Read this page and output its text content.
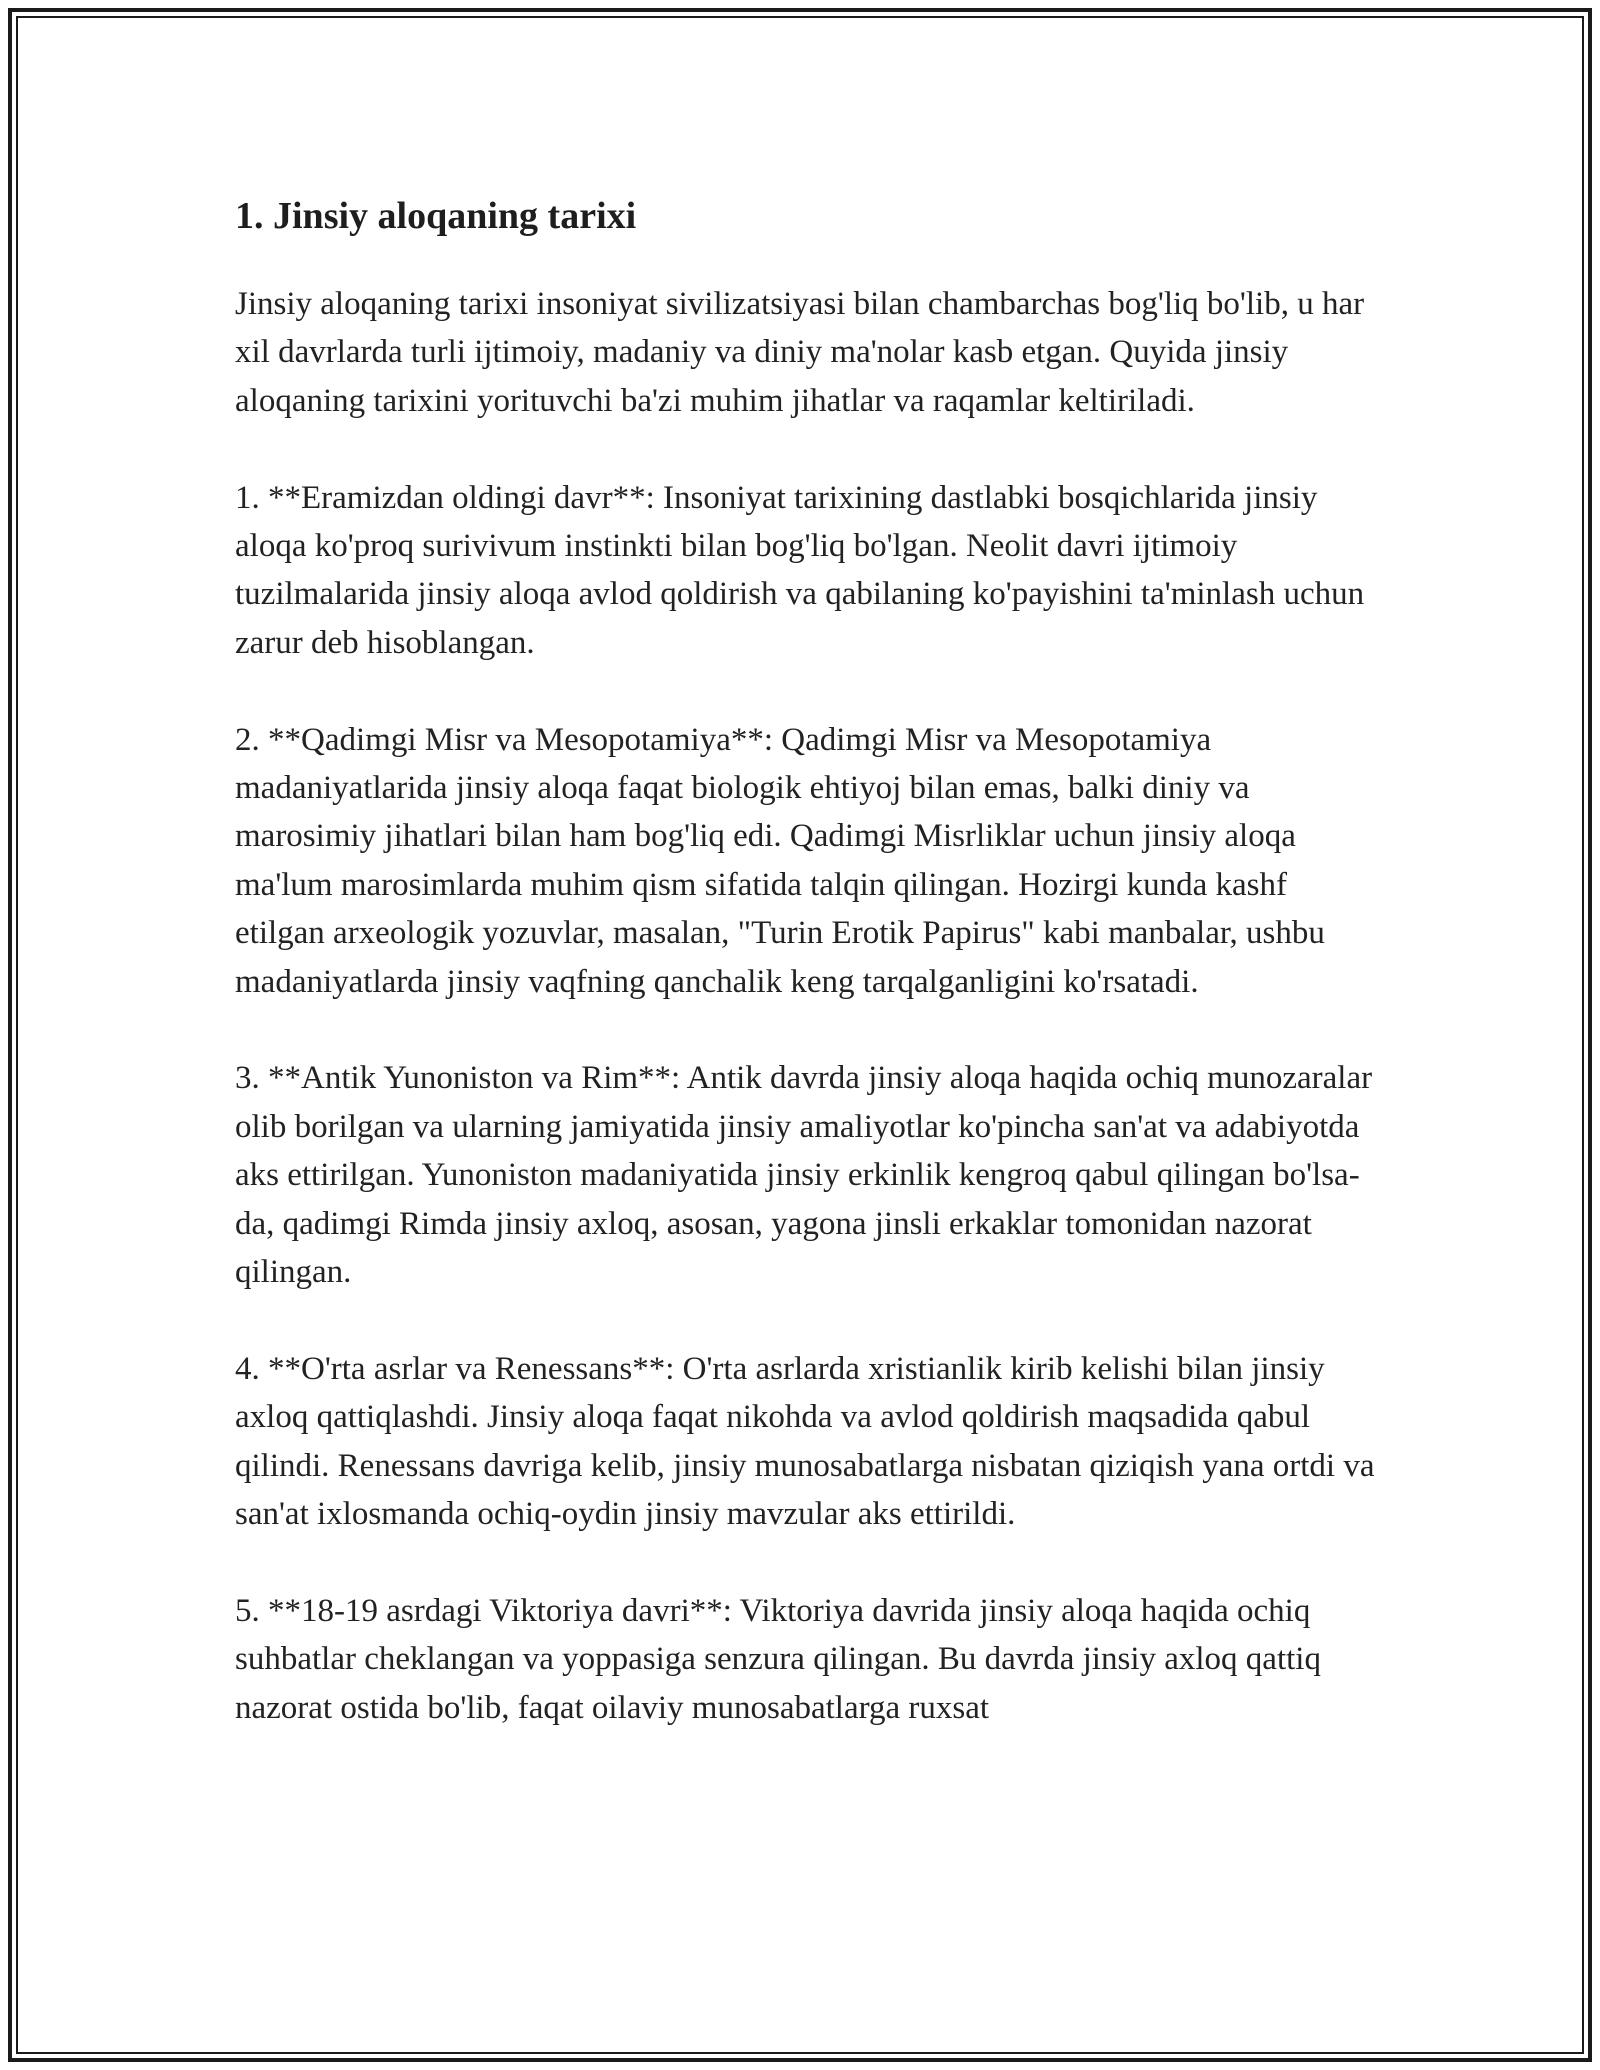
1. Jinsiy aloqaning tarixi

Jinsiy aloqaning tarixi insoniyat sivilizatsiyasi bilan chambarchas bog'liq bo'lib, u har xil davrlarda turli ijtimoiy, madaniy va diniy ma'nolar kasb etgan. Quyida jinsiy aloqaning tarixini yorituvchi ba'zi muhim jihatlar va raqamlar keltiriladi.

1. **Eramizdan oldingi davr**: Insoniyat tarixining dastlabki bosqichlarida jinsiy aloqa ko'proq surivivum instinkti bilan bog'liq bo'lgan. Neolit davri ijtimoiy tuzilmalarida jinsiy aloqa avlod qoldirish va qabilaning ko'payishini ta'minlash uchun zarur deb hisoblangan.

2. **Qadimgi Misr va Mesopotamiya**: Qadimgi Misr va Mesopotamiya madaniyatlarida jinsiy aloqa faqat biologik ehtiyoj bilan emas, balki diniy va marosimiy jihatlari bilan ham bog'liq edi. Qadimgi Misrliklar uchun jinsiy aloqa ma'lum marosimlarda muhim qism sifatida talqin qilingan. Hozirgi kunda kashf etilgan arxeologik yozuvlar, masalan, "Turin Erotik Papirus" kabi manbalar, ushbu madaniyatlarda jinsiy vaqfning qanchalik keng tarqalganligini ko'rsatadi.

3. **Antik Yunoniston va Rim**: Antik davrda jinsiy aloqa haqida ochiq munozaralar olib borilgan va ularning jamiyatida jinsiy amaliyotlar ko'pincha san'at va adabiyotda aks ettirilgan. Yunoniston madaniyatida jinsiy erkinlik kengroq qabul qilingan bo'lsa-da, qadimgi Rimda jinsiy axloq, asosan, yagona jinsli erkaklar tomonidan nazorat qilingan.

4. **O'rta asrlar va Renessans**: O'rta asrlarda xristianlik kirib kelishi bilan jinsiy axloq qattiqlashdi. Jinsiy aloqa faqat nikohda va avlod qoldirish maqsadida qabul qilindi. Renessans davriga kelib, jinsiy munosabatlarga nisbatan qiziqish yana ortdi va san'at ixlosmanda ochiq-oydin jinsiy mavzular aks ettirildi.

5. **18-19 asrdagi Viktoriya davri**: Viktoriya davrida jinsiy aloqa haqida ochiq suhbatlar cheklangan va yoppasiga senzura qilingan. Bu davrda jinsiy axloq qattiq nazorat ostida bo'lib, faqat oilaviy munosabatlarga ruxsat
